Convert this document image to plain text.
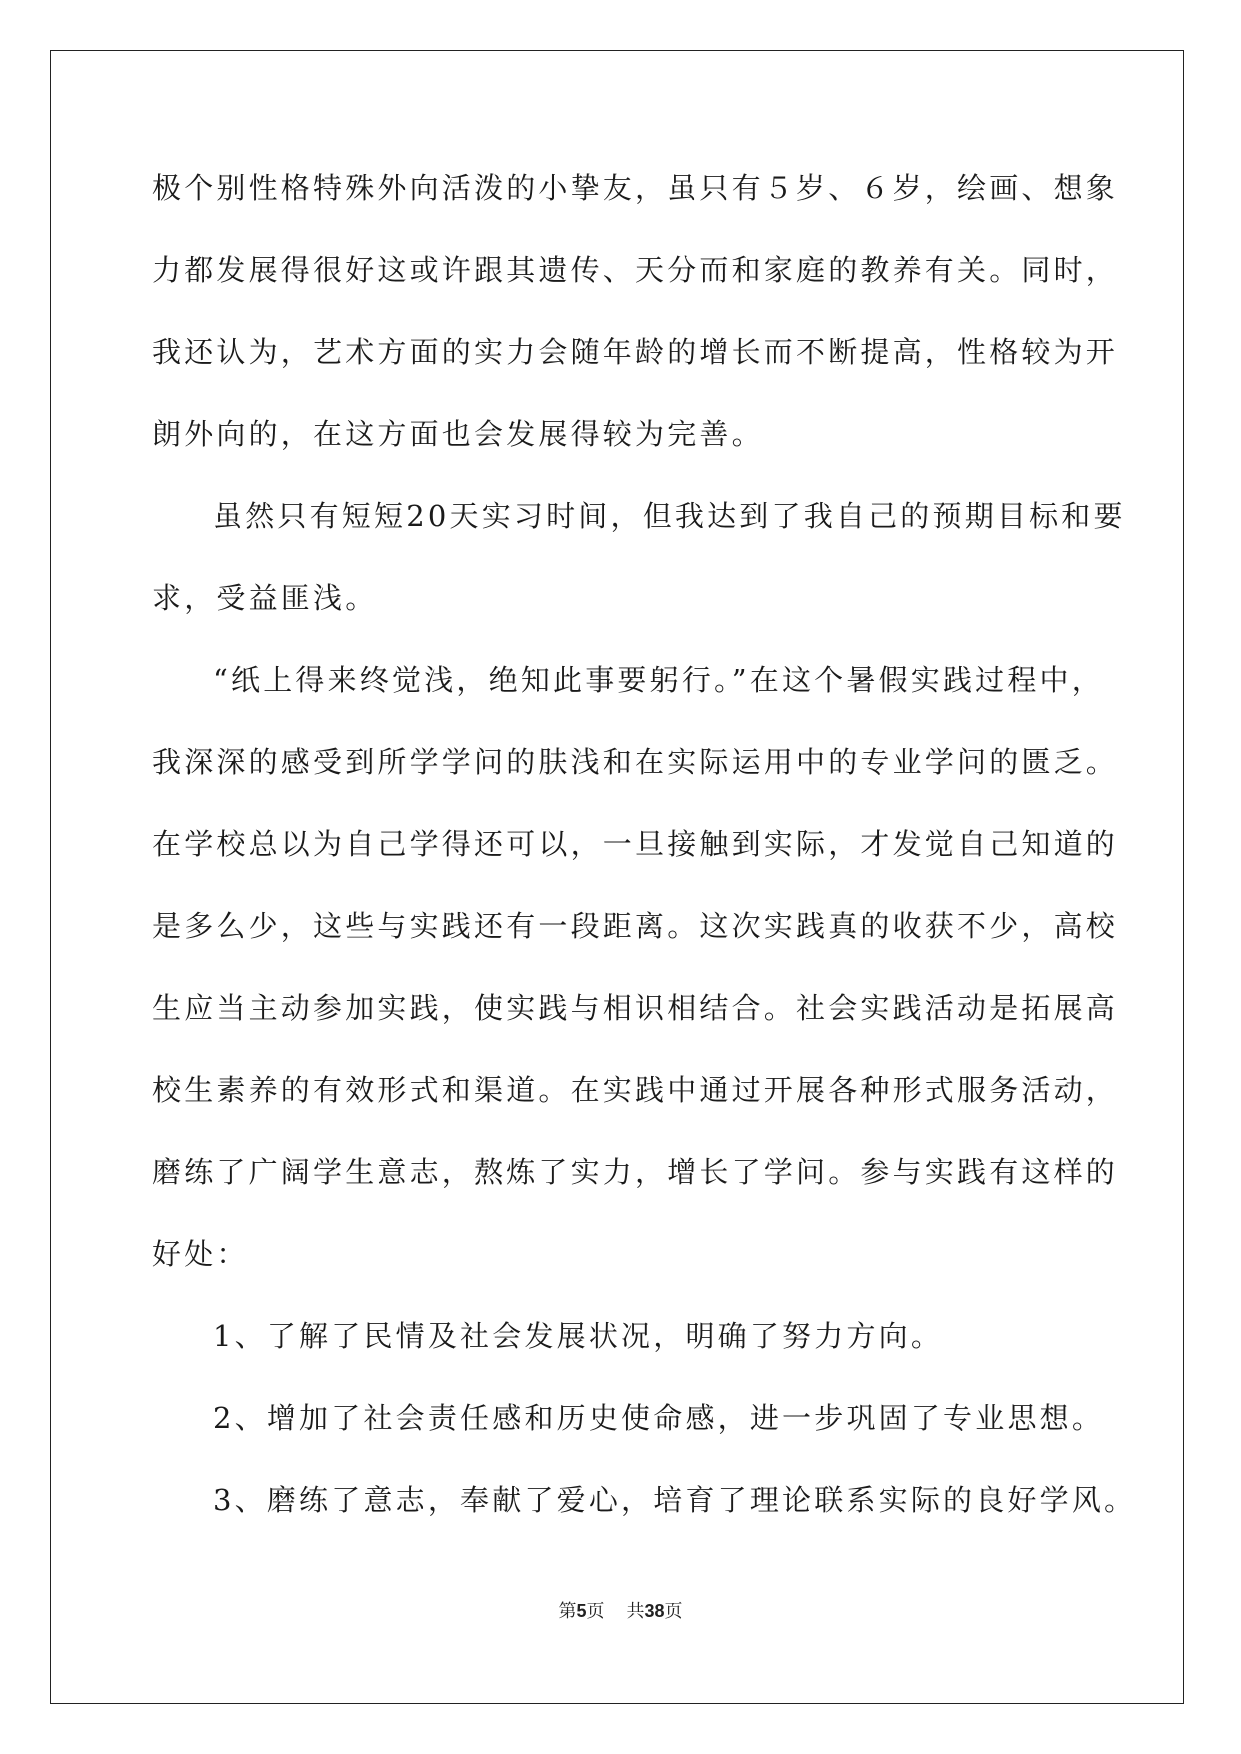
极个别性格特殊外向活泼的小挚友，虽只有５岁、６岁，绘画、想象
力都发展得很好这或许跟其遗传、天分而和家庭的教养有关。同时，
我还认为，艺术方面的实力会随年龄的增长而不断提高，性格较为开
朗外向的，在这方面也会发展得较为完善。
虽然只有短短20天实习时间，但我达到了我自己的预期目标和要
求，受益匪浅。
“纸上得来终觉浅，绝知此事要躬行。”在这个暑假实践过程中，
我深深的感受到所学学问的肤浅和在实际运用中的专业学问的匮乏。
在学校总以为自己学得还可以，一旦接触到实际，才发觉自己知道的
是多么少，这些与实践还有一段距离。这次实践真的收获不少，高校
生应当主动参加实践，使实践与相识相结合。社会实践活动是拓展高
校生素养的有效形式和渠道。在实践中通过开展各种形式服务活动，
磨练了广阔学生意志，熬炼了实力，增长了学问。参与实践有这样的
好处：
1、了解了民情及社会发展状况，明确了努力方向。
2、增加了社会责任感和历史使命感，进一步巩固了专业思想。
3、磨练了意志，奉献了爱心，培育了理论联系实际的良好学风。
第5页 共38页
